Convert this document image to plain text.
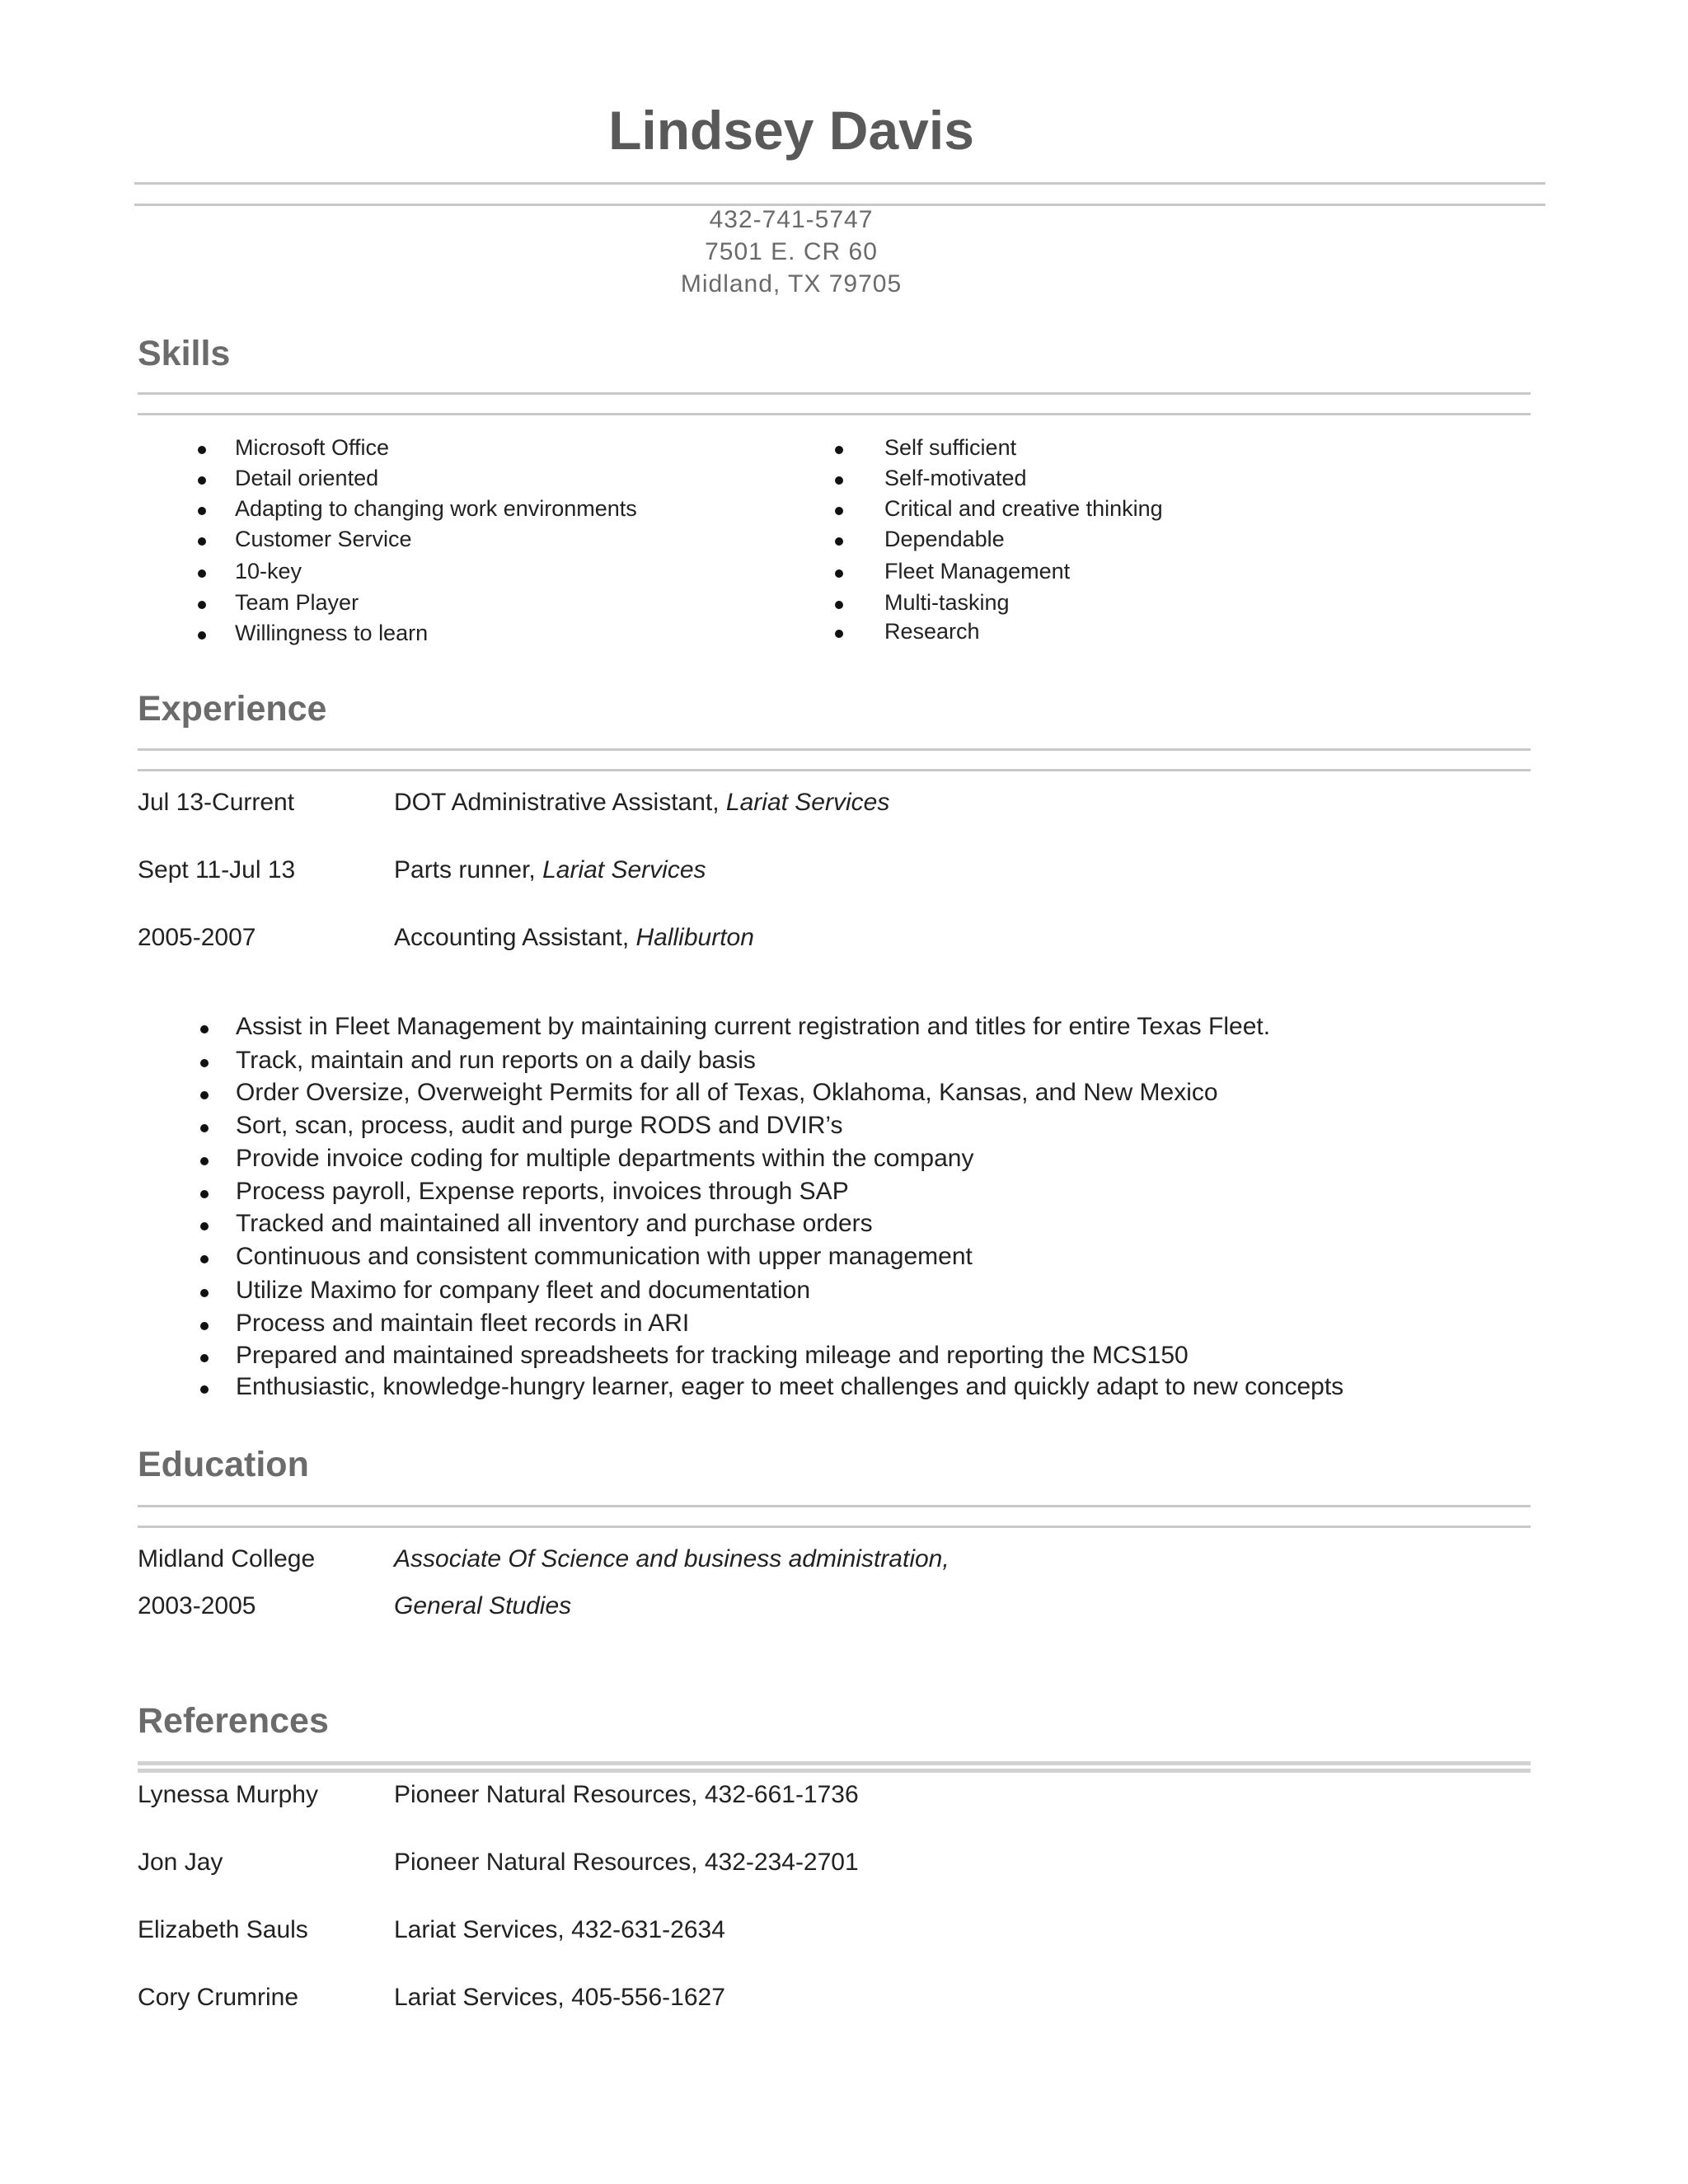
Lindsey Davis
432-741-5747
7501 E. CR 60
Midland, TX 79705
Skills
Microsoft Office
Detail oriented
Adapting to changing work environments
Customer Service
10-key
Team Player
Willingness to learn
Self sufficient
Self-motivated
Critical and creative thinking
Dependable
Fleet Management
Multi-tasking
Research
Experience
Jul 13-Current	DOT Administrative Assistant, Lariat Services
Sept 11-Jul 13	Parts runner, Lariat Services
2005-2007	Accounting Assistant, Halliburton
Assist in Fleet Management by maintaining current registration and titles for entire Texas Fleet.
Track, maintain and run reports on a daily basis
Order Oversize, Overweight Permits for all of Texas, Oklahoma, Kansas, and New Mexico
Sort, scan, process, audit and purge RODS and DVIR’s
Provide invoice coding for multiple departments within the company
Process payroll, Expense reports, invoices through SAP
Tracked and maintained all inventory and purchase orders
Continuous and consistent communication with upper management
Utilize Maximo for company fleet and documentation
Process and maintain fleet records in ARI
Prepared and maintained spreadsheets for tracking mileage and reporting the MCS150
Enthusiastic, knowledge-hungry learner, eager to meet challenges and quickly adapt to new concepts
Education
Midland College	Associate Of Science and business administration,
2003-2005	General Studies
References
Lynessa Murphy	Pioneer Natural Resources, 432-661-1736
Jon Jay	Pioneer Natural Resources, 432-234-2701
Elizabeth Sauls	Lariat Services, 432-631-2634
Cory Crumrine	Lariat Services, 405-556-1627
